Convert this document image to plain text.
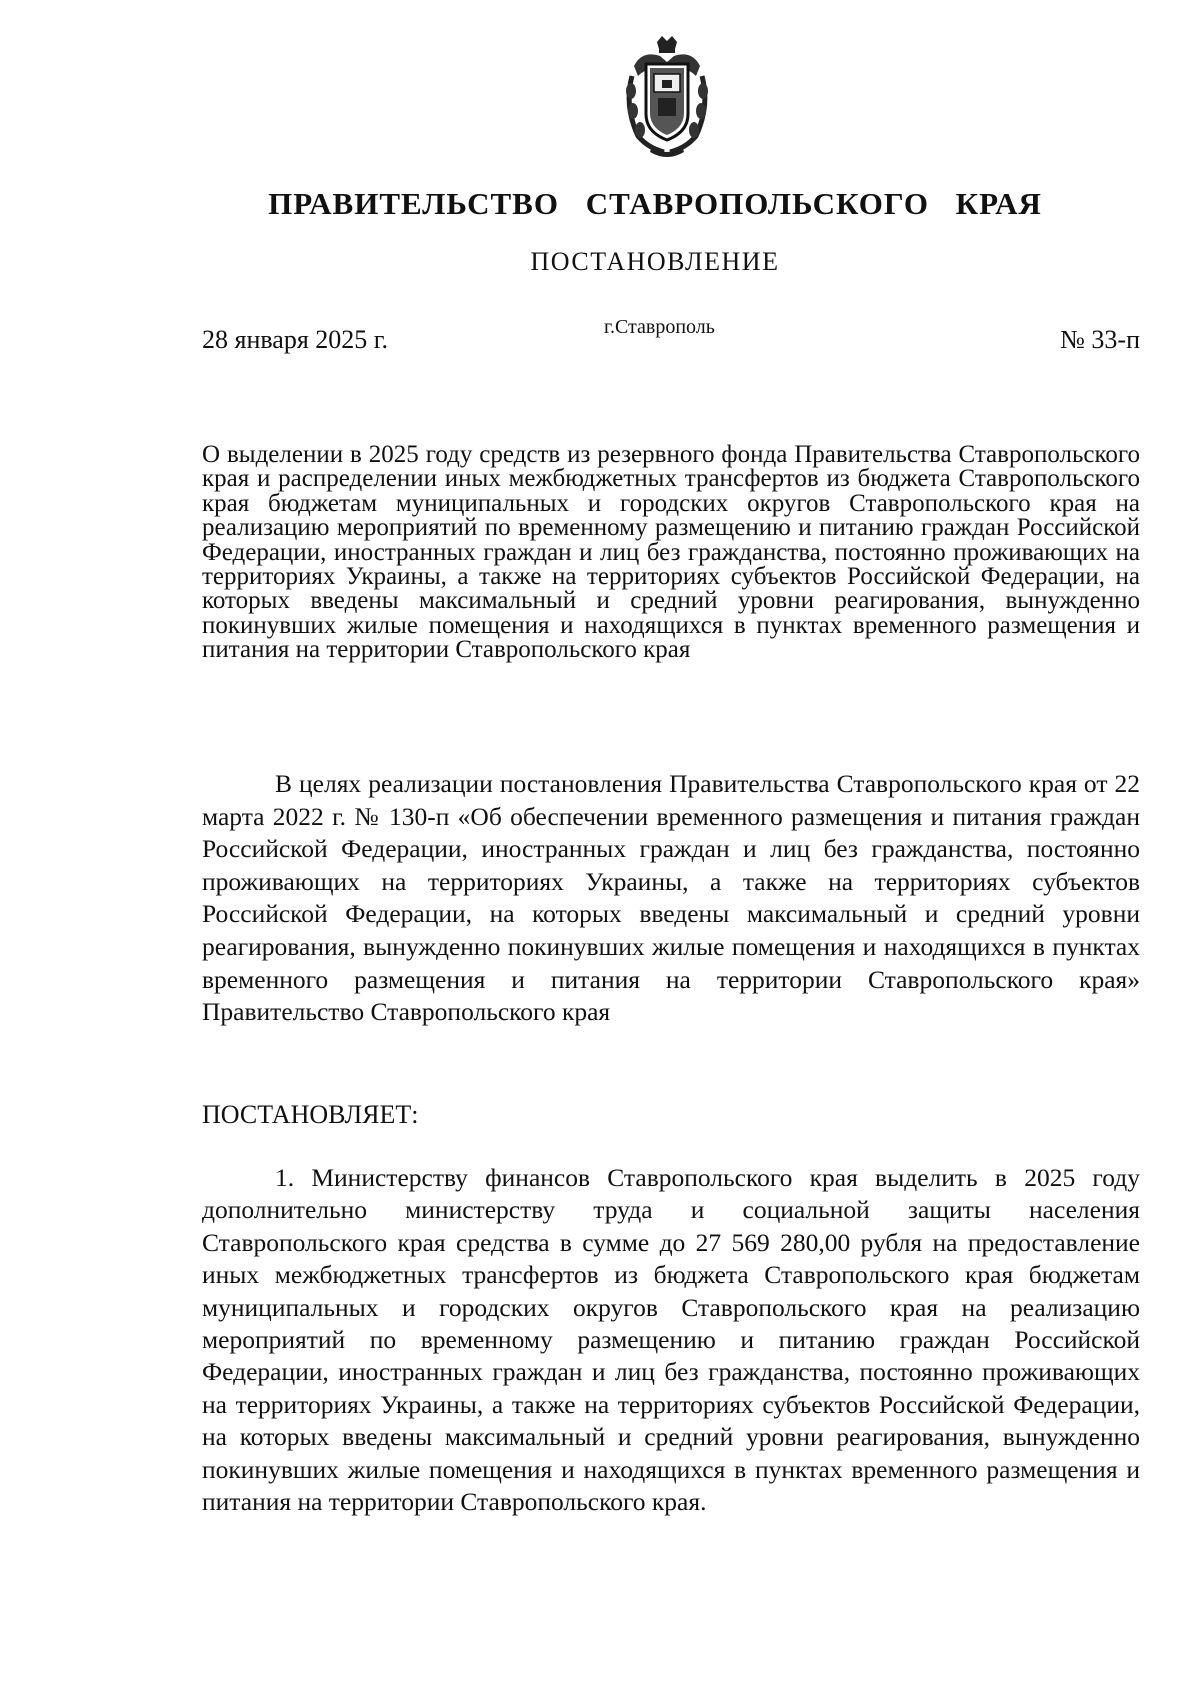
ПРАВИТЕЛЬСТВО СТАВРОПОЛЬСКОГО КРАЯ
ПОСТАНОВЛЕНИЕ
28 января 2025 г.	г.Ставрополь	№ 33-п
О выделении в 2025 году средств из резервного фонда Правительства Ставропольского края и распределении иных межбюджетных трансфертов из бюджета Ставропольского края бюджетам муниципальных и городских округов Ставропольского края на реализацию мероприятий по временному размещению и питанию граждан Российской Федерации, иностранных граждан и лиц без гражданства, постоянно проживающих на территориях Украины, а также на территориях субъектов Российской Федерации, на которых введены максимальный и средний уровни реагирования, вынужденно покинувших жилые помещения и находящихся в пунктах временного размещения и питания на территории Ставропольского края
В целях реализации постановления Правительства Ставропольского края от 22 марта 2022 г. № 130-п «Об обеспечении временного размещения и питания граждан Российской Федерации, иностранных граждан и лиц без гражданства, постоянно проживающих на территориях Украины, а также на территориях субъектов Российской Федерации, на которых введены максимальный и средний уровни реагирования, вынужденно покинувших жилые помещения и находящихся в пунктах временного размещения и питания на территории Ставропольского края» Правительство Ставропольского края
ПОСТАНОВЛЯЕТ:
1. Министерству финансов Ставропольского края выделить в 2025 году дополнительно министерству труда и социальной защиты населения Ставропольского края средства в сумме до 27 569 280,00 рубля на предоставление иных межбюджетных трансфертов из бюджета Ставропольского края бюджетам муниципальных и городских округов Ставропольского края на реализацию мероприятий по временному размещению и питанию граждан Российской Федерации, иностранных граждан и лиц без гражданства, постоянно проживающих на территориях Украины, а также на территориях субъектов Российской Федерации, на которых введены максимальный и средний уровни реагирования, вынужденно покинувших жилые помещения и находящихся в пунктах временного размещения и питания на территории Ставропольского края.
